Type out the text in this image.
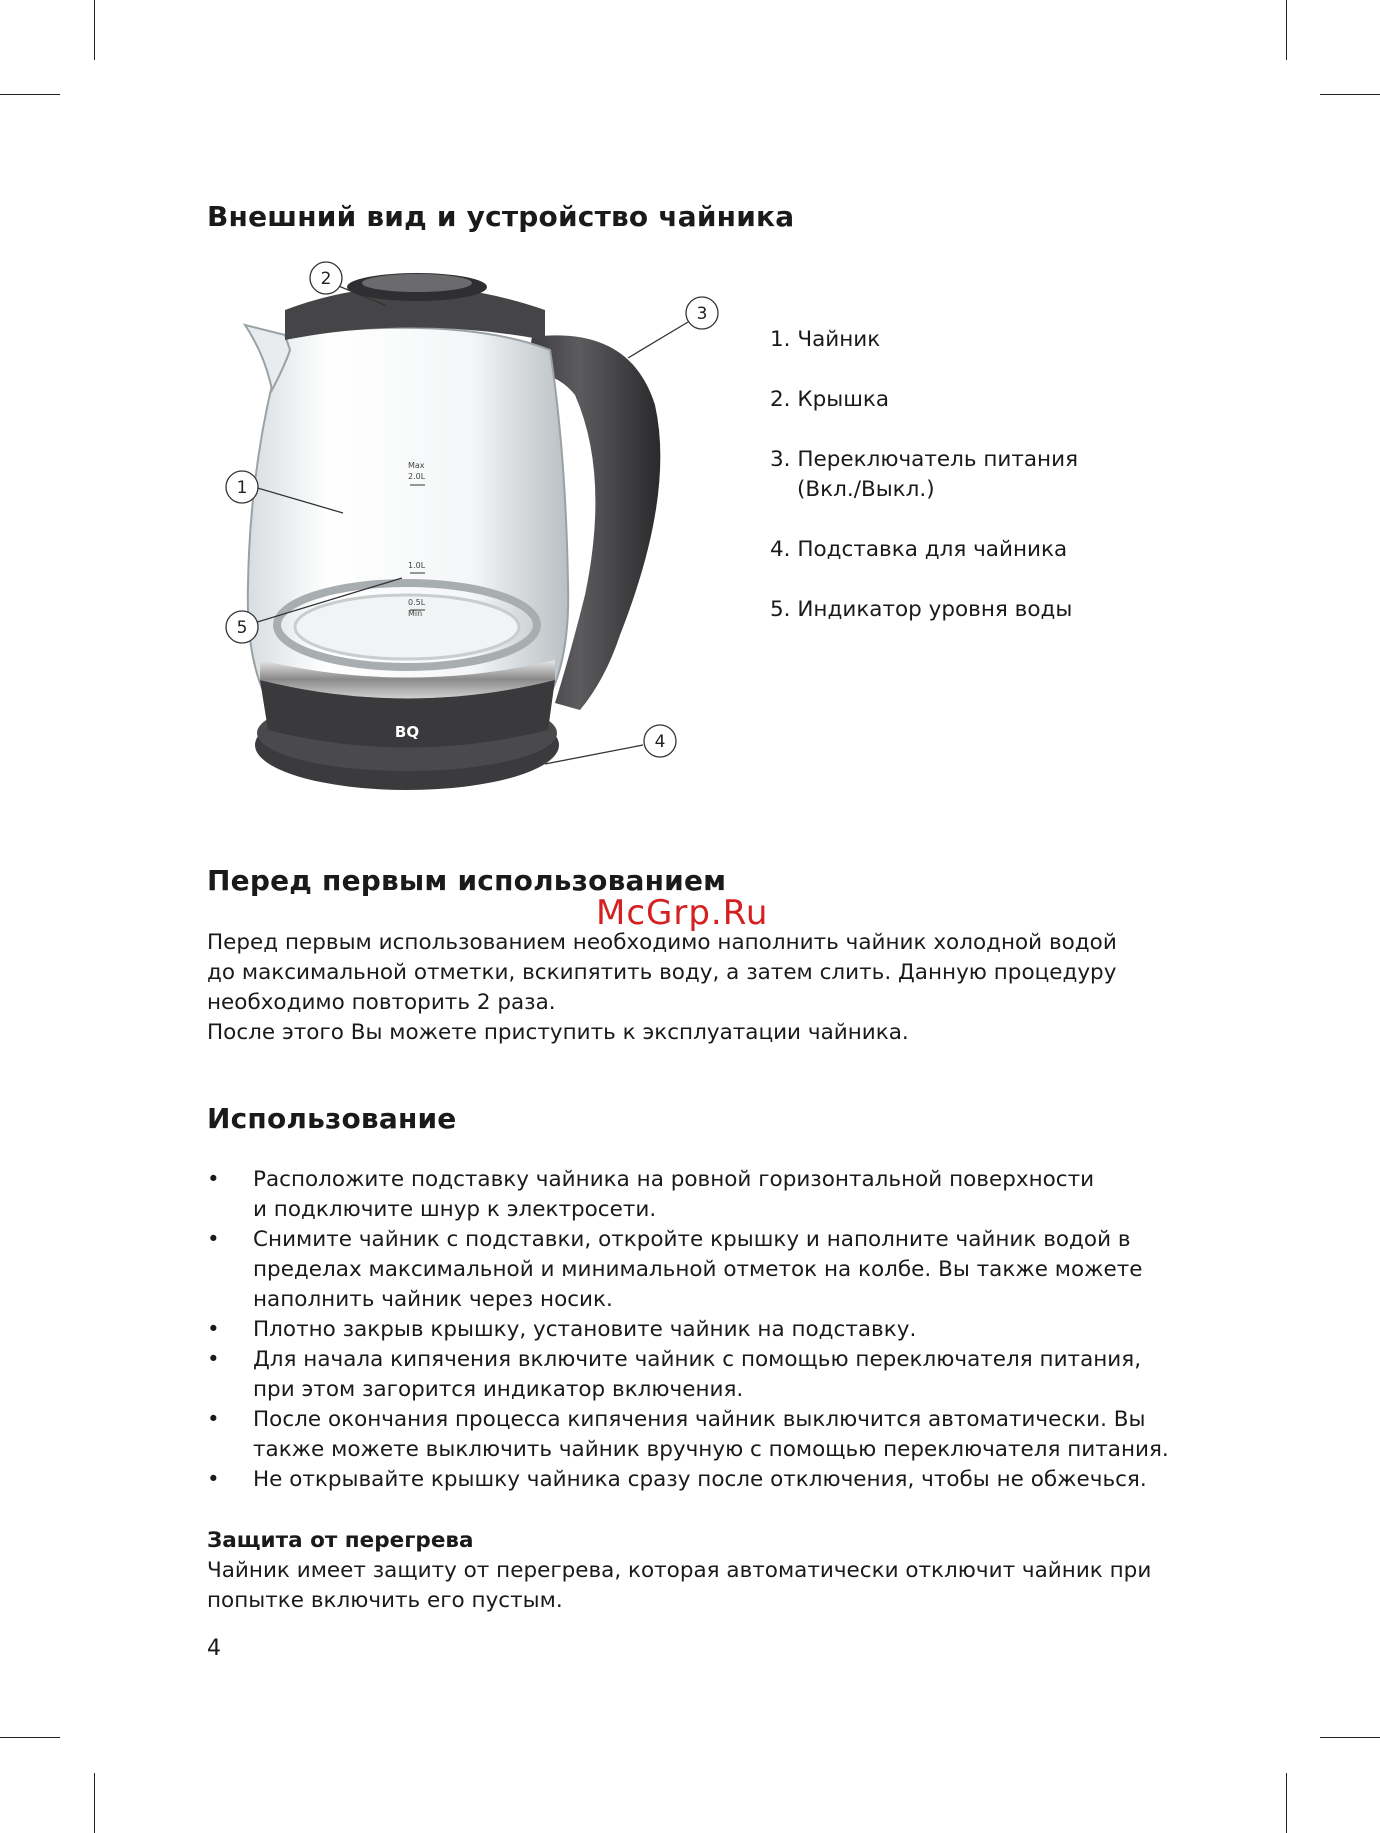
Внешний вид и устройство чайника
Max
2.0L
1.0L
0.5L
Min
BQ
1
2
3
4
5
1. Чайник
2. Крышка
3. Переключатель питания
(Вкл./Выкл.)
4. Подставка для чайника
5. Индикатор уровня воды
Перед первым использованием
McGrp.Ru
Перед первым использованием необходимо наполнить чайник холодной водой
до максимальной отметки, вскипятить воду, а затем слить. Данную процедуру
необходимо повторить 2 раза.
После этого Вы можете приступить к эксплуатации чайника.
Использование
• Расположите подставку чайника на ровной горизонтальной поверхности
и подключите шнур к электросети.
• Снимите чайник с подставки, откройте крышку и наполните чайник водой в
пределах максимальной и минимальной отметок на колбе. Вы также можете
наполнить чайник через носик.
• Плотно закрыв крышку, установите чайник на подставку.
• Для начала кипячения включите чайник с помощью переключателя питания,
при этом загорится индикатор включения.
• После окончания процесса кипячения чайник выключится автоматически. Вы
также можете выключить чайник вручную с помощью переключателя питания.
• Не открывайте крышку чайника сразу после отключения, чтобы не обжечься.
Защита от перегрева
Чайник имеет защиту от перегрева, которая автоматически отключит чайник при
попытке включить его пустым.
4
